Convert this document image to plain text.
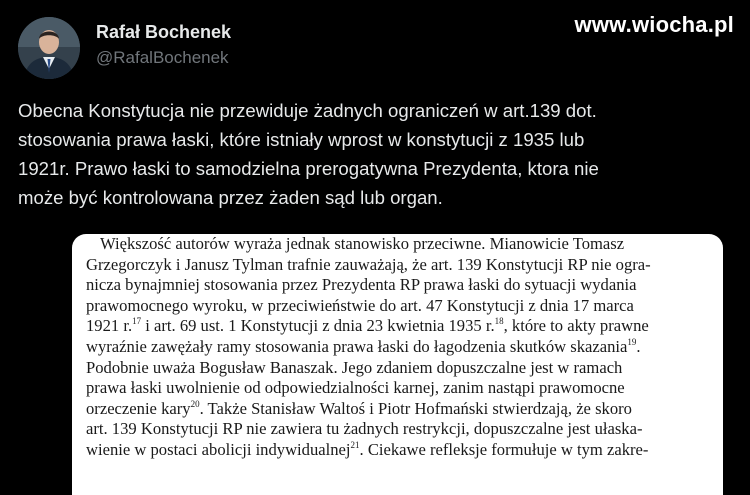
Rafał Bochenek
@RafalBochenek
www.wiocha.pl
Obecna Konstytucja nie przewiduje żadnych ograniczeń w art.139 dot.
stosowania prawa łaski, które istniały wprost w konstytucji z 1935 lub
1921r. Prawo łaski to samodzielna prerogatywna Prezydenta, ktora nie
może być kontrolowana przez żaden sąd lub organ.
Większość autorów wyraża jednak stanowisko przeciwne. Mianowicie Tomasz
Grzegorczyk i Janusz Tylman trafnie zauważają, że art. 139 Konstytucji RP nie ogra-
nicza bynajmniej stosowania przez Prezydenta RP prawa łaski do sytuacji wydania
prawomocnego wyroku, w przeciwieństwie do art. 47 Konstytucji z dnia 17 marca
1921 r.$^{17}$ i art. 69 ust. 1 Konstytucji z dnia 23 kwietnia 1935 r.$^{18}$, które to akty prawne
wyraźnie zawężały ramy stosowania prawa łaski do łagodzenia skutków skazania$^{19}$.
Podobnie uważa Bogusław Banaszak. Jego zdaniem dopuszczalne jest w ramach
prawa łaski uwolnienie od odpowiedzialności karnej, zanim nastąpi prawomocne
orzeczenie kary$^{20}$. Także Stanisław Waltoś i Piotr Hofmański stwierdzają, że skoro
art. 139 Konstytucji RP nie zawiera tu żadnych restrykcji, dopuszczalne jest ułaska-
wienie w postaci abolicji indywidualnej$^{21}$. Ciekawe refleksje formułuje w tym zakre-
